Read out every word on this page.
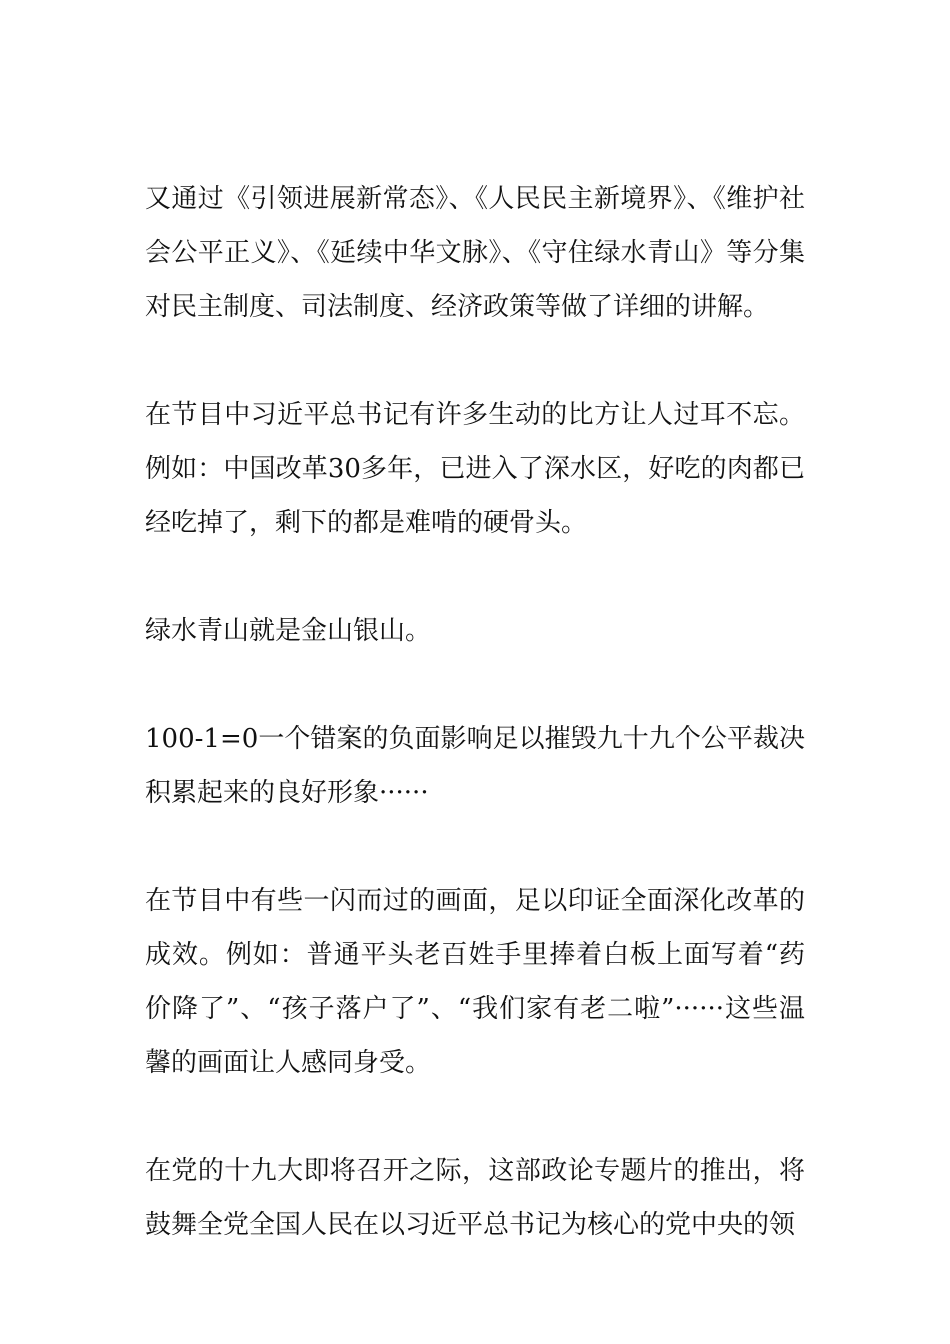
又通过《引领进展新常态》、《人民民主新境界》、《维护社会公平正义》、《延续中华文脉》、《守住绿水青山》等分集对民主制度、司法制度、经济政策等做了详细的讲解。

在节目中习近平总书记有许多生动的比方让人过耳不忘。例如：中国改革30多年，已进入了深水区，好吃的肉都已经吃掉了，剩下的都是难啃的硬骨头。

绿水青山就是金山银山。

100-1=0一个错案的负面影响足以摧毁九十九个公平裁决积累起来的良好形象······

在节目中有些一闪而过的画面，足以印证全面深化改革的成效。例如：普通平头老百姓手里捧着白板上面写着“药价降了”、“孩子落户了”、“我们家有老二啦”······这些温馨的画面让人感同身受。

在党的十九大即将召开之际，这部政论专题片的推出，将鼓舞全党全国人民在以习近平总书记为核心的党中央的领
